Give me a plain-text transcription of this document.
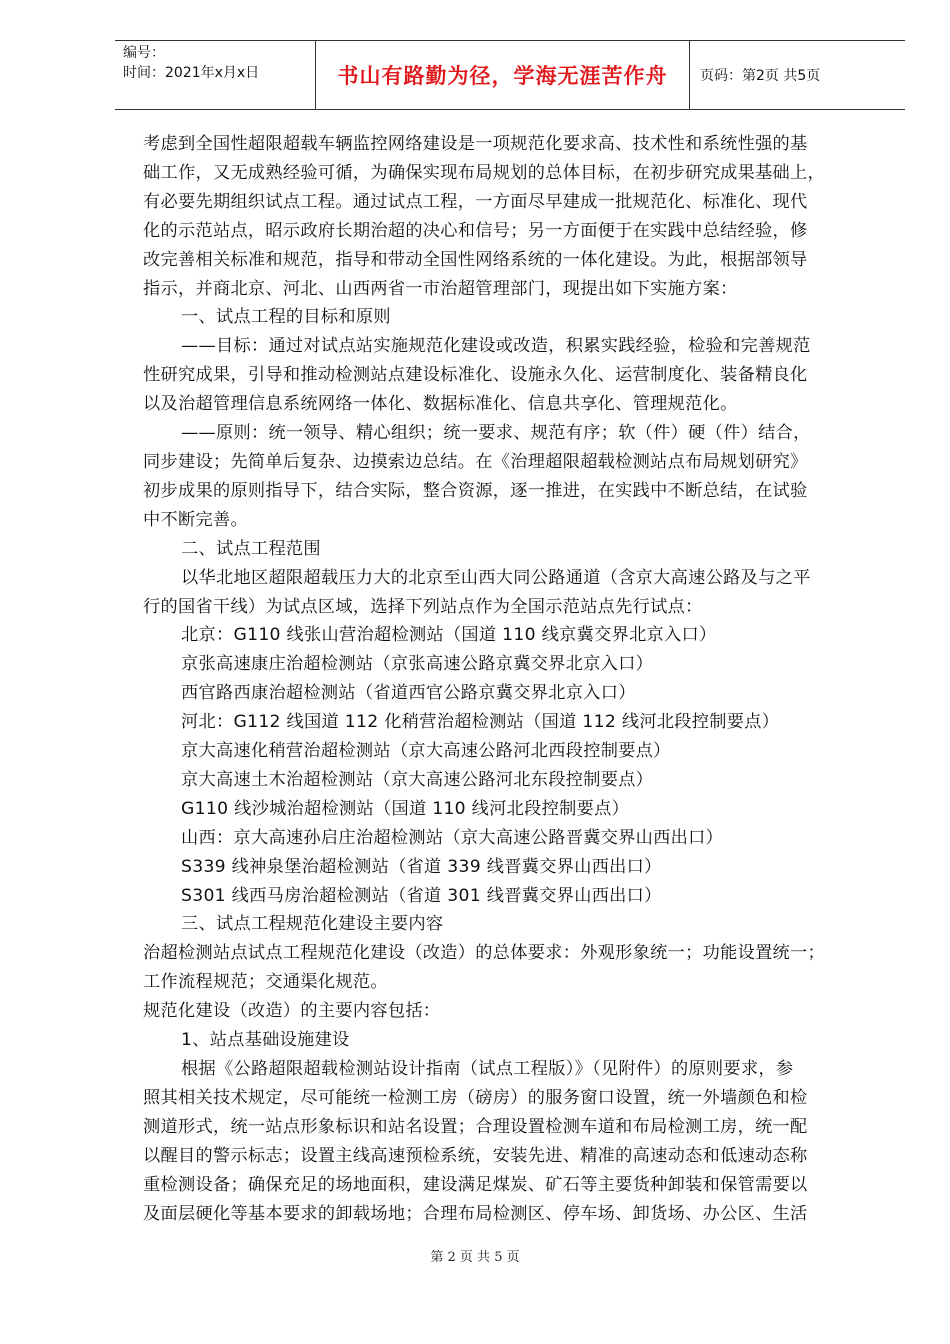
编号：
时间：2021年x月x日	书山有路勤为径，学海无涯苦作舟 页码：第2页 共5页

考虑到全国性超限超载车辆监控网络建设是一项规范化要求高、技术性和系统性强的基

础工作，又无成熟经验可循，为确保实现布局规划的总体目标，在初步研究成果基础上，

有必要先期组织试点工程。通过试点工程，一方面尽早建成一批规范化、标准化、现代

化的示范站点，昭示政府长期治超的决心和信号；另一方面便于在实践中总结经验，修

改完善相关标准和规范，指导和带动全国性网络系统的一体化建设。为此，根据部领导

指示，并商北京、河北、山西两省一市治超管理部门，现提出如下实施方案：

一、试点工程的目标和原则

——目标：通过对试点站实施规范化建设或改造，积累实践经验，检验和完善规范

性研究成果，引导和推动检测站点建设标准化、设施永久化、运营制度化、装备精良化

以及治超管理信息系统网络一体化、数据标准化、信息共享化、管理规范化。

——原则：统一领导、精心组织；统一要求、规范有序；软（件）硬（件）结合，

同步建设；先简单后复杂、边摸索边总结。在《治理超限超载检测站点布局规划研究》

初步成果的原则指导下，结合实际，整合资源，逐一推进，在实践中不断总结，在试验

中不断完善。

二、试点工程范围

以华北地区超限超载压力大的北京至山西大同公路通道（含京大高速公路及与之平

行的国省干线）为试点区域，选择下列站点作为全国示范站点先行试点：

北京：G110 线张山营治超检测站（国道 110 线京冀交界北京入口）

京张高速康庄治超检测站（京张高速公路京冀交界北京入口）

西官路西康治超检测站（省道西官公路京冀交界北京入口）

河北：G112 线国道 112 化稍营治超检测站（国道 112 线河北段控制要点）

京大高速化稍营治超检测站（京大高速公路河北西段控制要点）

京大高速土木治超检测站（京大高速公路河北东段控制要点）

G110 线沙城治超检测站（国道 110 线河北段控制要点）

山西：京大高速孙启庄治超检测站（京大高速公路晋冀交界山西出口）

S339 线神泉堡治超检测站（省道 339 线晋冀交界山西出口）

S301 线西马房治超检测站（省道 301 线晋冀交界山西出口）

三、试点工程规范化建设主要内容

治超检测站点试点工程规范化建设（改造）的总体要求：外观形象统一；功能设置统一；

工作流程规范；交通渠化规范。

规范化建设（改造）的主要内容包括：

1、站点基础设施建设

根据《公路超限超载检测站设计指南（试点工程版）》（见附件）的原则要求，参

照其相关技术规定，尽可能统一检测工房（磅房）的服务窗口设置，统一外墙颜色和检

测道形式，统一站点形象标识和站名设置；合理设置检测车道和布局检测工房，统一配

以醒目的警示标志；设置主线高速预检系统，安装先进、精准的高速动态和低速动态称

重检测设备；确保充足的场地面积，建设满足煤炭、矿石等主要货种卸装和保管需要以

及面层硬化等基本要求的卸载场地；合理布局检测区、停车场、卸货场、办公区、生活

第 2 页 共 5 页
